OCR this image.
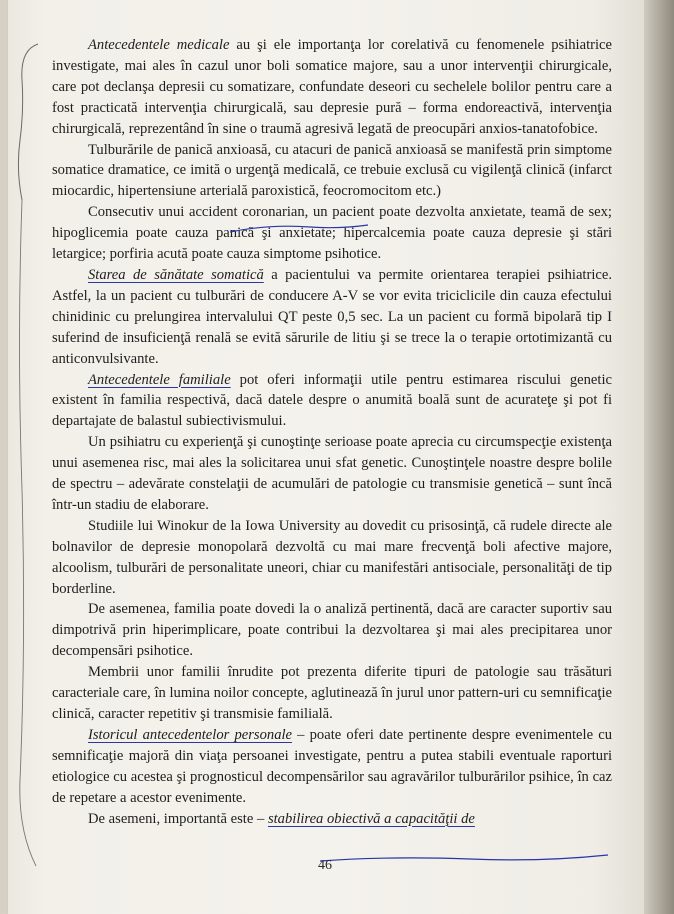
Antecedentele medicale au şi ele importanţa lor corelativă cu fenomenele psihiatrice investigate, mai ales în cazul unor boli somatice majore, sau a unor intervenţii chirurgicale, care pot declanşa depresii cu somatizare, confundate deseori cu sechelele bolilor pentru care a fost practicată intervenţia chirurgicală, sau depresie pură – forma endoreactivă, intervenţia chirurgicală, reprezentând în sine o traumă agresivă legată de preocupări anxios-tanatofobice.

Tulburările de panică anxioasă, cu atacuri de panică anxioasă se manifestă prin simptome somatice dramatice, ce imită o urgenţă medicală, ce trebuie exclusă cu vigilenţă clinică (infarct miocardic, hipertensiune arterială paroxistică, feocromocitom etc.)

Consecutiv unui accident coronarian, un pacient poate dezvolta anxietate, teamă de sex; hipoglicemia poate cauza panică şi anxietate; hipercalcemia poate cauza depresie şi stări letargice; porfiria acută poate cauza simptome psihotice.

Starea de sănătate somatică a pacientului va permite orientarea terapiei psihiatrice. Astfel, la un pacient cu tulburări de conducere A-V se vor evita triciclicile din cauza efectului chinidinic cu prelungirea intervalului QT peste 0,5 sec. La un pacient cu formă bipolară tip I suferind de insuficienţă renală se evită sărurile de litiu şi se trece la o terapie ortotimizantă cu anticonvulsivante.

Antecedentele familiale pot oferi informaţii utile pentru estimarea riscului genetic existent în familia respectivă, dacă datele despre o anumită boală sunt de acurateţe şi pot fi departajate de balastul subiectivismului.

Un psihiatru cu experienţă şi cunoştinţe serioase poate aprecia cu circumspecţie existenţa unui asemenea risc, mai ales la solicitarea unui sfat genetic. Cunoştinţele noastre despre bolile de spectru – adevărate constelaţii de acumulări de patologie cu transmisie genetică – sunt încă într-un stadiu de elaborare.

Studiile lui Winokur de la Iowa University au dovedit cu prisosinţă, că rudele directe ale bolnavilor de depresie monopolară dezvoltă cu mai mare frecvenţă boli afective majore, alcoolism, tulburări de personalitate uneori, chiar cu manifestări antisociale, personalităţi de tip borderline.

De asemenea, familia poate dovedi la o analiză pertinentă, dacă are caracter suportiv sau dimpotrivă prin hiperimplicare, poate contribui la dezvoltarea şi mai ales precipitarea unor decompensări psihotice.

Membrii unor familii înrudite pot prezenta diferite tipuri de patologie sau trăsături caracteriale care, în lumina noilor concepte, aglutinează în jurul unor pattern-uri cu semnificaţie clinică, caracter repetitiv şi transmisie familială.

Istoricul antecedentelor personale – poate oferi date pertinente despre evenimentele cu semnificaţie majoră din viaţa persoanei investigate, pentru a putea stabili eventuale raporturi etiologice cu acestea şi prognosticul decompensărilor sau agravărilor tulburărilor psihice, în caz de repetare a acestor evenimente.

De asemeni, importantă este – stabilirea obiectivă a capacităţii de

46
